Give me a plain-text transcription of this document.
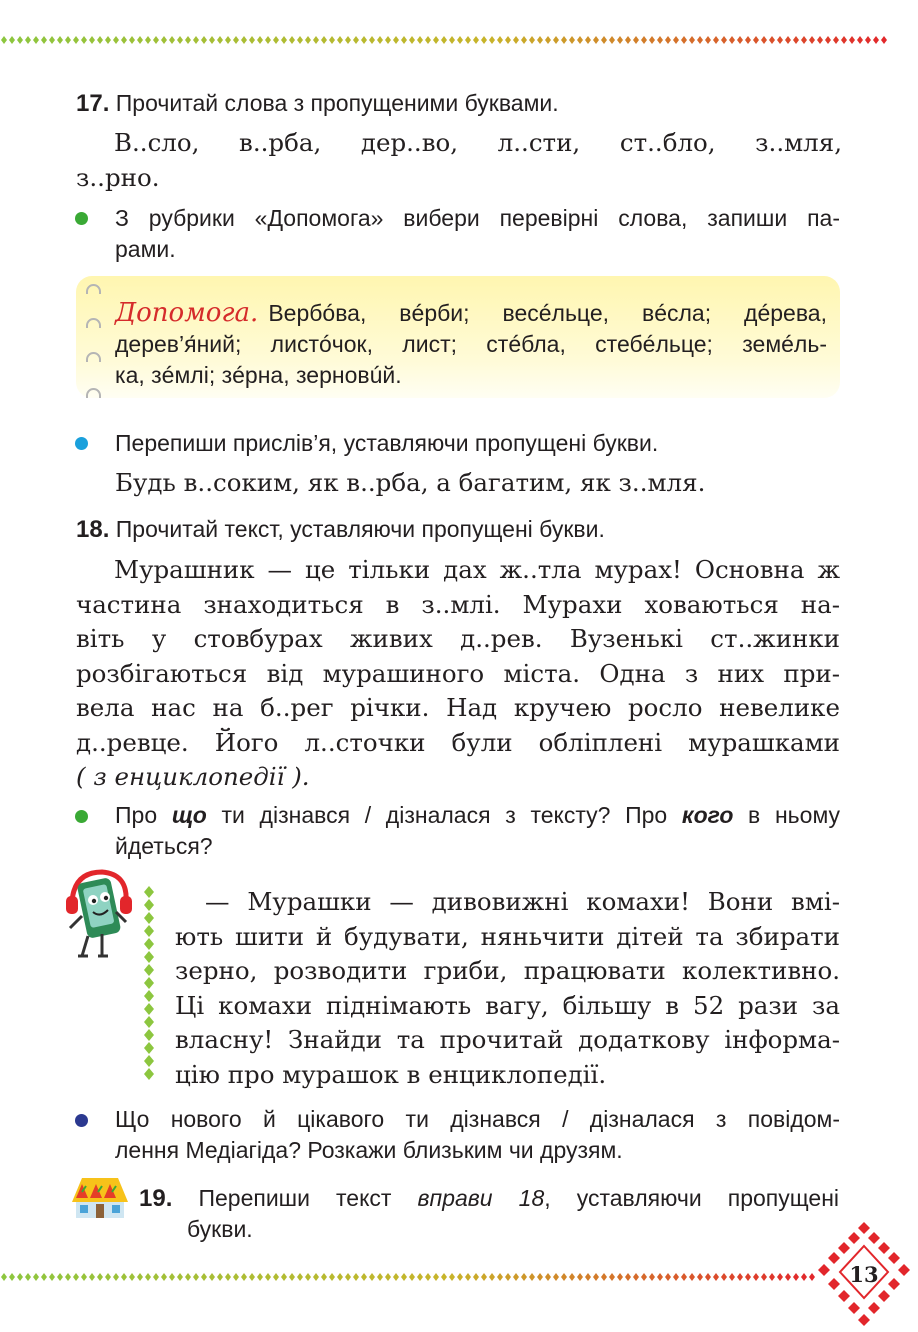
17. Прочитай слова з пропущеними буквами.
В..сло, в..рба, дер..во, л..сти, ст..бло, з..мля,
з..рно.
З рубрики «Допомога» вибери перевірні слова, запиши па-
рами.
Допомога. Вербóва, вéрби; весéльце, вéсла; дéрева,
дерев’я́ний; листóчок, лист; стéбла, стебéльце; земéль-
ка, зéмлі; зéрна, зерновúй.
Перепиши прислів’я, уставляючи пропущені букви.
Будь в..соким, як в..рба, а багатим, як з..мля.
18. Прочитай текст, уставляючи пропущені букви.
Мурашник — це тільки дах ж..тла мурах! Основна ж
частина знаходиться в з..млі. Мурахи ховаються на-
віть у стовбурах живих д..рев. Вузенькі ст..жинки
розбігаються від мурашиного міста. Одна з них при-
вела нас на б..рег річки. Над кручею росло невелике
д..ревце. Його л..сточки були обліплені мурашками
( з енциклопедії ).
Про що ти дізнався / дізналася з тексту? Про кого в ньому
йдеться?
— Мурашки — дивовижні комахи! Вони вмі-
ють шити й будувати, няньчити дітей та збирати
зерно, розводити гриби, працювати колективно.
Ці комахи піднімають вагу, більшу в 52 рази за
власну! Знайди та прочитай додаткову інформа-
цію про мурашок в енциклопедії.
Що нового й цікавого ти дізнався / дізналася з повідом-
лення Медіагіда? Розкажи близьким чи друзям.
19. Перепиши текст вправи 18, уставляючи пропущені
букви.
13
